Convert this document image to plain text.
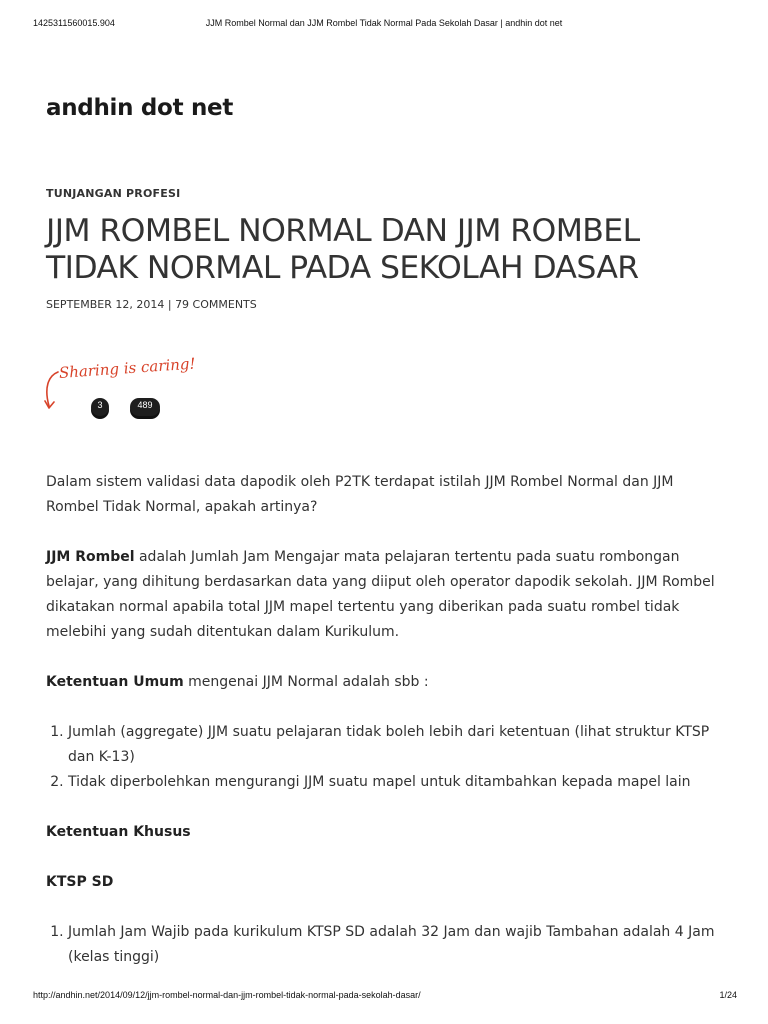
1425311560015.904	JJM Rombel Normal dan JJM Rombel Tidak Normal Pada Sekolah Dasar | andhin dot net
andhin dot net
TUNJANGAN PROFESI
JJM ROMBEL NORMAL DAN JJM ROMBEL TIDAK NORMAL PADA SEKOLAH DASAR
SEPTEMBER 12, 2014 | 79 COMMENTS
Sharing is caring!
3	489

Dalam sistem validasi data dapodik oleh P2TK terdapat istilah JJM Rombel Normal dan JJM Rombel Tidak Normal, apakah artinya?

JJM Rombel adalah Jumlah Jam Mengajar mata pelajaran tertentu pada suatu rombongan belajar, yang dihitung berdasarkan data yang diiput oleh operator dapodik sekolah. JJM Rombel dikatakan normal apabila total JJM mapel tertentu yang diberikan pada suatu rombel tidak melebihi yang sudah ditentukan dalam Kurikulum.

Ketentuan Umum mengenai JJM Normal adalah sbb :

1. Jumlah (aggregate) JJM suatu pelajaran tidak boleh lebih dari ketentuan (lihat struktur KTSP dan K-13)
2. Tidak diperbolehkan mengurangi JJM suatu mapel untuk ditambahkan kepada mapel lain
Ketentuan Khusus
KTSP SD
1. Jumlah Jam Wajib pada kurikulum KTSP SD adalah 32 Jam dan wajib Tambahan adalah 4 Jam (kelas tinggi)
http://andhin.net/2014/09/12/jjm-rombel-normal-dan-jjm-rombel-tidak-normal-pada-sekolah-dasar/	1/24
